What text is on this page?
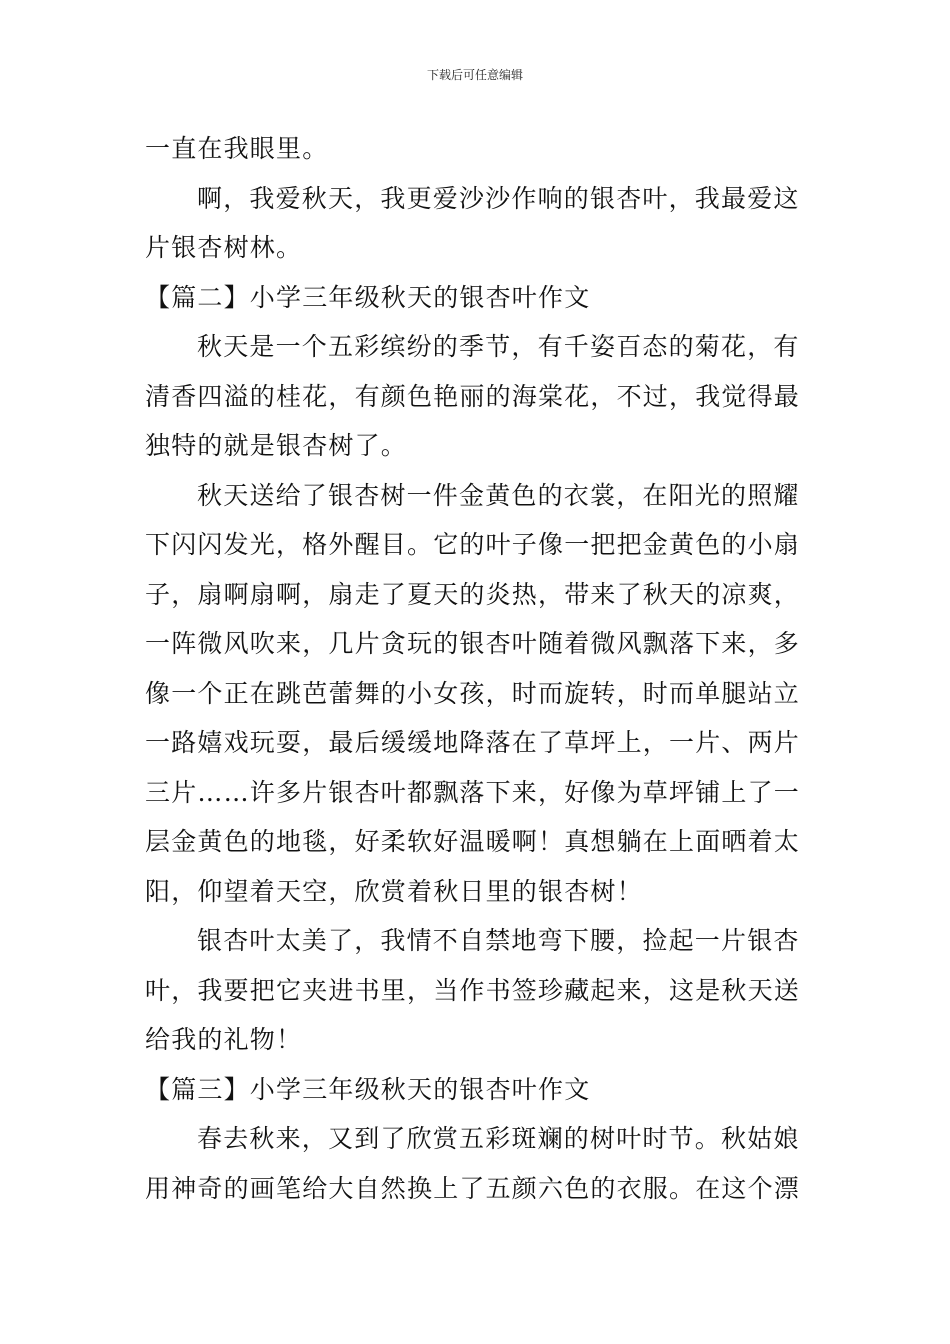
下载后可任意编辑
一直在我眼里。
啊，我爱秋天，我更爱沙沙作响的银杏叶，我最爱这
片银杏树林。
【篇二】小学三年级秋天的银杏叶作文
秋天是一个五彩缤纷的季节，有千姿百态的菊花，有
清香四溢的桂花，有颜色艳丽的海棠花，不过，我觉得最
独特的就是银杏树了。
秋天送给了银杏树一件金黄色的衣裳，在阳光的照耀
下闪闪发光，格外醒目。它的叶子像一把把金黄色的小扇
子，扇啊扇啊，扇走了夏天的炎热，带来了秋天的凉爽，
一阵微风吹来，几片贪玩的银杏叶随着微风飘落下来，多
像一个正在跳芭蕾舞的小女孩，时而旋转，时而单腿站立
一路嬉戏玩耍，最后缓缓地降落在了草坪上，一片、两片
三片……许多片银杏叶都飘落下来，好像为草坪铺上了一
层金黄色的地毯，好柔软好温暖啊！真想躺在上面晒着太
阳，仰望着天空，欣赏着秋日里的银杏树！
银杏叶太美了，我情不自禁地弯下腰，捡起一片银杏
叶，我要把它夹进书里，当作书签珍藏起来，这是秋天送
给我的礼物！
【篇三】小学三年级秋天的银杏叶作文
春去秋来，又到了欣赏五彩斑斓的树叶时节。秋姑娘
用神奇的画笔给大自然换上了五颜六色的衣服。在这个漂
